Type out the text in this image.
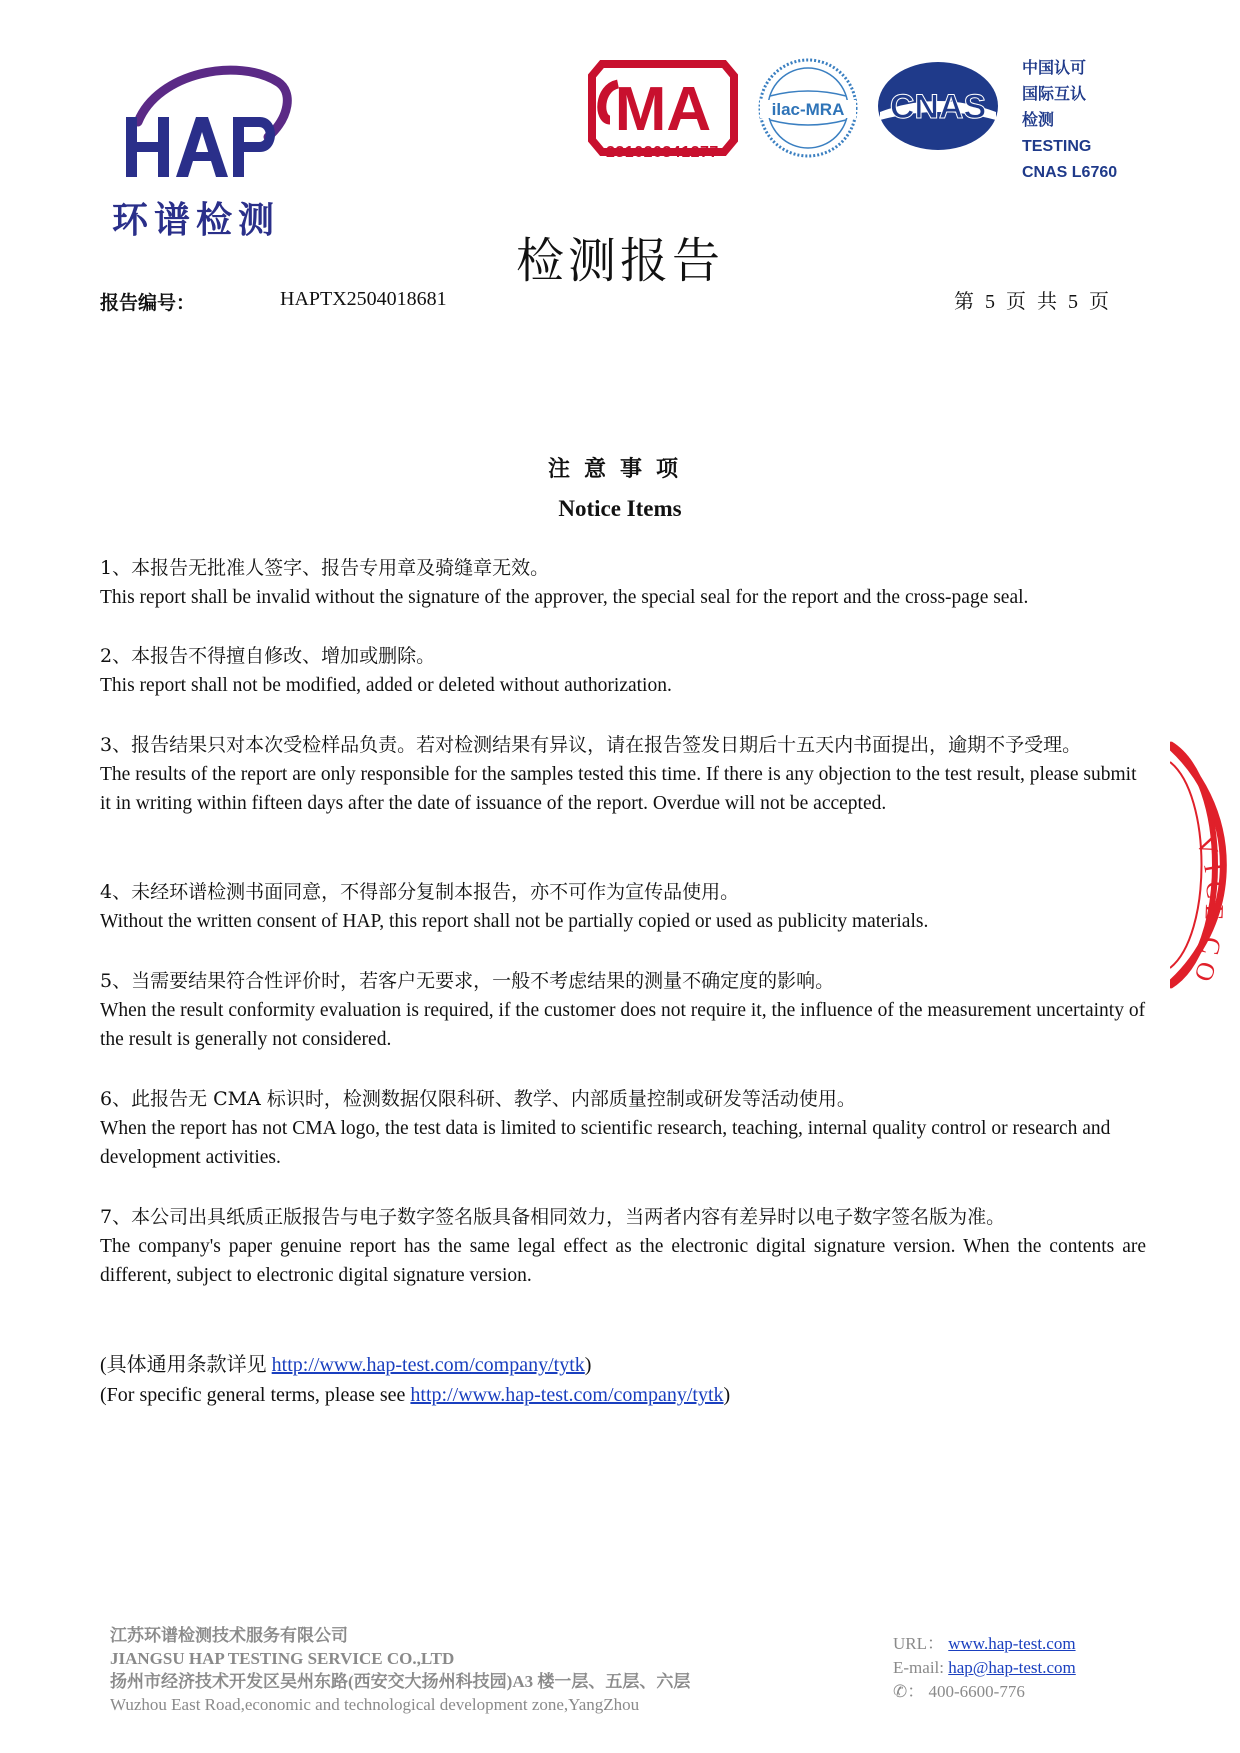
环谱检测
MA
231020341277
ilac-MRA CNAS
中国认可
国际互认
检测
TESTING
CNAS L6760
检测报告
报告编号：	HAPTX2504018681	第 5 页 共 5 页
注意事项
Notice Items
1、本报告无批准人签字、报告专用章及骑缝章无效。
This report shall be invalid without the signature of the approver, the special seal for the report and the cross-page seal.
2、本报告不得擅自修改、增加或删除。
This report shall not be modified, added or deleted without authorization.
3、报告结果只对本次受检样品负责。若对检测结果有异议，请在报告签发日期后十五天内书面提出，逾期不予受理。
The results of the report are only responsible for the samples tested this time. If there is any objection to the test result, please submit it in writing within fifteen days after the date of issuance of the report. Overdue will not be accepted.
4、未经环谱检测书面同意，不得部分复制本报告，亦不可作为宣传品使用。
Without the written consent of HAP, this report shall not be partially copied or used as publicity materials.
5、当需要结果符合性评价时，若客户无要求，一般不考虑结果的测量不确定度的影响。
When the result conformity evaluation is required, if the customer does not require it, the influence of the measurement uncertainty of the result is generally not considered.
6、此报告无 CMA 标识时，检测数据仅限科研、教学、内部质量控制或研发等活动使用。
When the report has not CMA logo, the test data is limited to scientific research, teaching, internal quality control or research and development activities.
7、本公司出具纸质正版报告与电子数字签名版具备相同效力，当两者内容有差异时以电子数字签名版为准。
The company's paper genuine report has the same legal effect as the electronic digital signature version. When the contents are different, subject to electronic digital signature version.
(具体通用条款详见 http://www.hap-test.com/company/tytk)
(For specific general terms, please see http://www.hap-test.com/company/tytk)
V
I
C
E
C
O
江苏环谱检测技术服务有限公司
JIANGSU HAP TESTING SERVICE CO.,LTD
扬州市经济技术开发区吴州东路(西安交大扬州科技园)A3 楼一层、五层、六层
Wuzhou East Road,economic and technological development zone,YangZhou
URL： www.hap-test.com
E-mail: hap@hap-test.com
✆： 400-6600-776
